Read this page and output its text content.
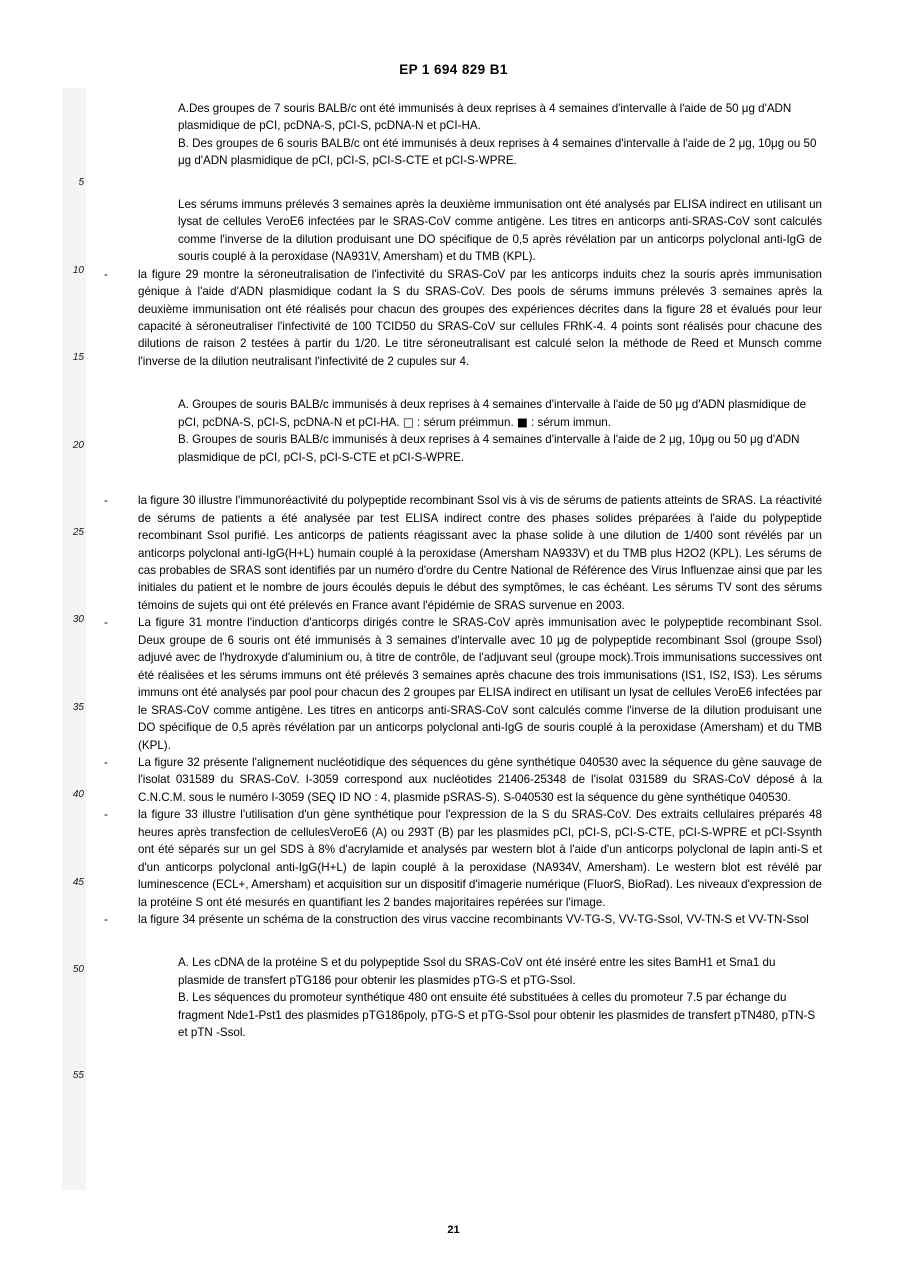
EP 1 694 829 B1
5
10
15
20
25
30
35
40
45
50
55

A.Des groupes de 7 souris BALB/c ont été immunisés à deux reprises à 4 semaines d'intervalle à l'aide de 50 μg d'ADN plasmidique de pCI, pcDNA-S, pCI-S, pcDNA-N et pCI-HA.

B. Des groupes de 6 souris BALB/c ont été immunisés à deux reprises à 4 semaines d'intervalle à l'aide de 2 μg, 10μg ou 50 μg d'ADN plasmidique de pCI, pCI-S, pCI-S-CTE et pCI-S-WPRE.

Les sérums immuns prélevés 3 semaines après la deuxième immunisation ont été analysés par ELISA indirect en utilisant un lysat de cellules VeroE6 infectées par le SRAS-CoV comme antigène. Les titres en anticorps anti-SRAS-CoV sont calculés comme l'inverse de la dilution produisant une DO spécifique de 0,5 après révélation par un anticorps polyclonal anti-IgG de souris couplé à la peroxidase (NA931V, Amersham) et du TMB (KPL).

-	la figure 29 montre la séroneutralisation de l'infectivité du SRAS-CoV par les anticorps induits chez la souris après immunisation génique à l'aide d'ADN plasmidique codant la S du SRAS-CoV. Des pools de sérums immuns prélevés 3 semaines après la deuxième immunisation ont été réalisés pour chacun des groupes des expériences décrites dans la figure 28 et évalués pour leur capacité à séroneutraliser l'infectivité de 100 TCID50 du SRAS-CoV sur cellules FRhK-4. 4 points sont réalisés pour chacune des dilutions de raison 2 testées à partir du 1/20. Le titre séroneutralisant est calculé selon la méthode de Reed et Munsch comme l'inverse de la dilution neutralisant l'infectivité de 2 cupules sur 4.

A. Groupes de souris BALB/c immunisés à deux reprises à 4 semaines d'intervalle à l'aide de 50 μg d'ADN plasmidique de pCI, pcDNA-S, pCI-S, pcDNA-N et pCI-HA. □ : sérum préimmun. ■ : sérum immun.

B. Groupes de souris BALB/c immunisés à deux reprises à 4 semaines d'intervalle à l'aide de 2 μg, 10μg ou 50 μg d'ADN plasmidique de pCI, pCI-S, pCI-S-CTE et pCI-S-WPRE.

-	la figure 30 illustre l'immunoréactivité du polypeptide recombinant Ssol vis à vis de sérums de patients atteints de SRAS. La réactivité de sérums de patients a été analysée par test ELISA indirect contre des phases solides préparées à l'aide du polypeptide recombinant Ssol purifié. Les anticorps de patients réagissant avec la phase solide à une dilution de 1/400 sont révélés par un anticorps polyclonal anti-IgG(H+L) humain couplé à la peroxidase (Amersham NA933V) et du TMB plus H2O2 (KPL). Les sérums de cas probables de SRAS sont identifiés par un numéro d'ordre du Centre National de Référence des Virus Influenzae ainsi que par les initiales du patient et le nombre de jours écoulés depuis le début des symptômes, le cas échéant. Les sérums TV sont des sérums témoins de sujets qui ont été prélevés en France avant l'épidémie de SRAS survenue en 2003.

-	La figure 31 montre l'induction d'anticorps dirigés contre le SRAS-CoV après immunisation avec le polypeptide recombinant Ssol. Deux groupe de 6 souris ont été immunisés à 3 semaines d'intervalle avec 10 μg de polypeptide recombinant Ssol (groupe Ssol) adjuvé avec de l'hydroxyde d'aluminium ou, à titre de contrôle, de l'adjuvant seul (groupe mock).Trois immunisations successives ont été réalisées et les sérums immuns ont été prélevés 3 semaines après chacune des trois immunisations (IS1, IS2, IS3). Les sérums immuns ont été analysés par pool pour chacun des 2 groupes par ELISA indirect en utilisant un lysat de cellules VeroE6 infectées par le SRAS-CoV comme antigène. Les titres en anticorps anti-SRAS-CoV sont calculés comme l'inverse de la dilution produisant une DO spécifique de 0,5 après révélation par un anticorps polyclonal anti-IgG de souris couplé à la peroxidase (Amersham) et du TMB (KPL).

-	La figure 32 présente l'alignement nucléotidique des séquences du gène synthétique 040530 avec la séquence du gène sauvage de l'isolat 031589 du SRAS-CoV. I-3059 correspond aux nucléotides 21406-25348 de l'isolat 031589 du SRAS-CoV déposé à la C.N.C.M. sous le numéro I-3059 (SEQ ID NO : 4, plasmide pSRAS-S). S-040530 est la séquence du gène synthétique 040530.

-	la figure 33 illustre l'utilisation d'un gène synthétique pour l'expression de la S du SRAS-CoV. Des extraits cellulaires préparés 48 heures après transfection de cellulesVeroE6 (A) ou 293T (B) par les plasmides pCI, pCI-S, pCI-S-CTE, pCI-S-WPRE et pCI-Ssynth ont été séparés sur un gel SDS à 8% d'acrylamide et analysés par western blot à l'aide d'un anticorps polyclonal de lapin anti-S et d'un anticorps polyclonal anti-IgG(H+L) de lapin couplé à la peroxidase (NA934V, Amersham). Le western blot est révélé par luminescence (ECL+, Amersham) et acquisition sur un dispositif d'imagerie numérique (FluorS, BioRad). Les niveaux d'expression de la protéine S ont été mesurés en quantifiant les 2 bandes majoritaires repérées sur l'image.

-	la figure 34 présente un schéma de la construction des virus vaccine recombinants VV-TG-S, VV-TG-Ssol, VV-TN-S et VV-TN-Ssol

A. Les cDNA de la protéine S et du polypeptide Ssol du SRAS-CoV ont été inséré entre les sites BamH1 et Sma1 du plasmide de transfert pTG186 pour obtenir les plasmides pTG-S et pTG-Ssol.

B. Les séquences du promoteur synthétique 480 ont ensuite été substituées à celles du promoteur 7.5 par échange du fragment Nde1-Pst1 des plasmides pTG186poly, pTG-S et pTG-Ssol pour obtenir les plasmides de transfert pTN480, pTN-S et pTN -Ssol.

21
